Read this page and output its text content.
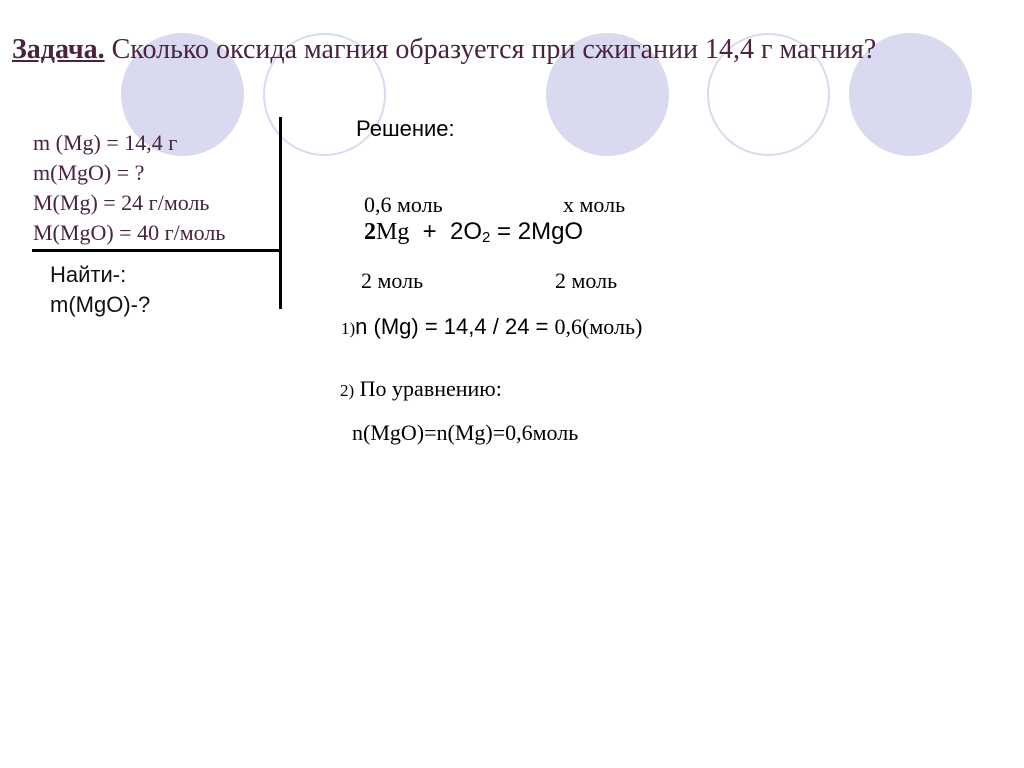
Задача. Сколько оксида магния образуется при сжигании 14,4 г магния?
m (Mg) = 14,4 г
m(MgO) = ?
M(Mg) = 24 г/моль
M(MgO) = 40 г/моль
Найти-:
m(MgO)-?
Решение:
0,6 моль	х моль
$2Mg + 2O_2 = 2MgO$
2 моль	2 моль
1)n (Mg) = 14,4 / 24 = 0,6(моль)
2) По уравнению:
n(MgO)=n(Mg)=0,6моль
